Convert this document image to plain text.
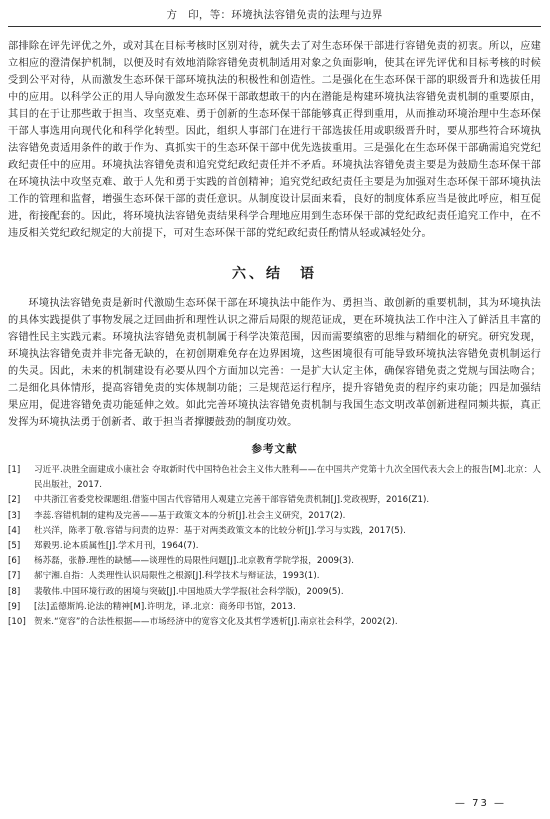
方　印，等：环境执法容错免责的法理与边界

部排除在评先评优之外，或对其在目标考核时区别对待，就失去了对生态环保干部进行容错免责的初衷。所以，应建立相应的澄清保护机制，以便及时有效地消除容错免责机制适用对象之负面影响，使其在评先评优和目标考核的时候受到公平对待，从而激发生态环保干部环境执法的积极性和创造性。二是强化在生态环保干部的职级晋升和选拔任用中的应用。以科学公正的用人导向激发生态环保干部敢想敢干的内在潜能是构建环境执法容错免责机制的重要原由，其目的在于让那些敢于担当、攻坚克难、勇于创新的生态环保干部能够真正得到重用，从而推动环境治理中生态环保干部人事选用向现代化和科学化转型。因此，组织人事部门在进行干部选拔任用或职级晋升时，要从那些符合环境执法容错免责适用条件的敢于作为、真抓实干的生态环保干部中优先选拔重用。三是强化在生态环保干部确需追究党纪政纪责任中的应用。环境执法容错免责和追究党纪政纪责任并不矛盾。环境执法容错免责主要是为鼓励生态环保干部在环境执法中攻坚克难、敢于人先和勇于实践的首创精神；追究党纪政纪责任主要是为加强对生态环保干部环境执法工作的管理和监督，增强生态环保干部的责任意识。从制度设计层面来看，良好的制度体系应当是彼此呼应，相互促进，衔接配套的。因此，将环境执法容错免责结果科学合理地应用到生态环保干部的党纪政纪责任追究工作中，在不违反相关党纪政纪规定的大前提下，可对生态环保干部的党纪政纪责任酌情从轻或减轻处分。

六、结　语

环境执法容错免责是新时代激励生态环保干部在环境执法中能作为、勇担当、敢创新的重要机制，其为环境执法的具体实践提供了事物发展之迂回曲折和理性认识之滞后局限的规范证成，更在环境执法工作中注入了鲜活且丰富的容错性民主实践元素。环境执法容错免责机制属于科学决策范围，因而需要缜密的思维与精细化的研究。研究发现，环境执法容错免责并非完备无缺的，在初创期难免存在边界困境，这些困境很有可能导致环境执法容错免责机制运行的失灵。因此，未来的机制建设有必要从四个方面加以完善：一是扩大认定主体，确保容错免责之党规与国法吻合；二是细化具体情形，提高容错免责的实体规制功能；三是规范运行程序，提升容错免责的程序约束功能；四是加强结果应用，促进容错免责功能延伸之效。如此完善环境执法容错免责机制与我国生态文明改革创新进程同频共振，真正发挥为环境执法勇于创新者、敢于担当者撑腰鼓劲的制度功效。

参考文献
[1]	习近平.决胜全面建成小康社会 夺取新时代中国特色社会主义伟大胜利——在中国共产党第十九次全国代表大会上的报告[M].北京：人民出版社，2017.
[2]	中共浙江省委党校课题组.借鉴中国古代容错用人观建立完善干部容错免责机制[J].党政视野，2016(Z1).
[3]	李蕊.容错机制的建构及完善——基于政策文本的分析[J].社会主义研究，2017(2).
[4]	杜兴洋，陈孝丁敬.容错与问责的边界：基于对两类政策文本的比较分析[J].学习与实践，2017(5).
[5]	郑毅男.论本质属性[J].学术月刊，1964(7).
[6]	杨苏磊，张静.理性的缺憾——谈理性的局限性问题[J].北京教育学院学报，2009(3).
[7]	郝宁湘.自指：人类理性认识局限性之根源[J].科学技术与辩证法，1993(1).
[8]	裴敬伟.中国环境行政的困境与突破[J].中国地质大学学报(社会科学版)，2009(5).
[9]	[法]孟德斯鸠.论法的精神[M].许明龙，译.北京：商务印书馆，2013.
[10] 贺来.“宽容”的合法性根据——市场经济中的宽容文化及其哲学透析[J].南京社会科学，2002(2).
— 73 —
